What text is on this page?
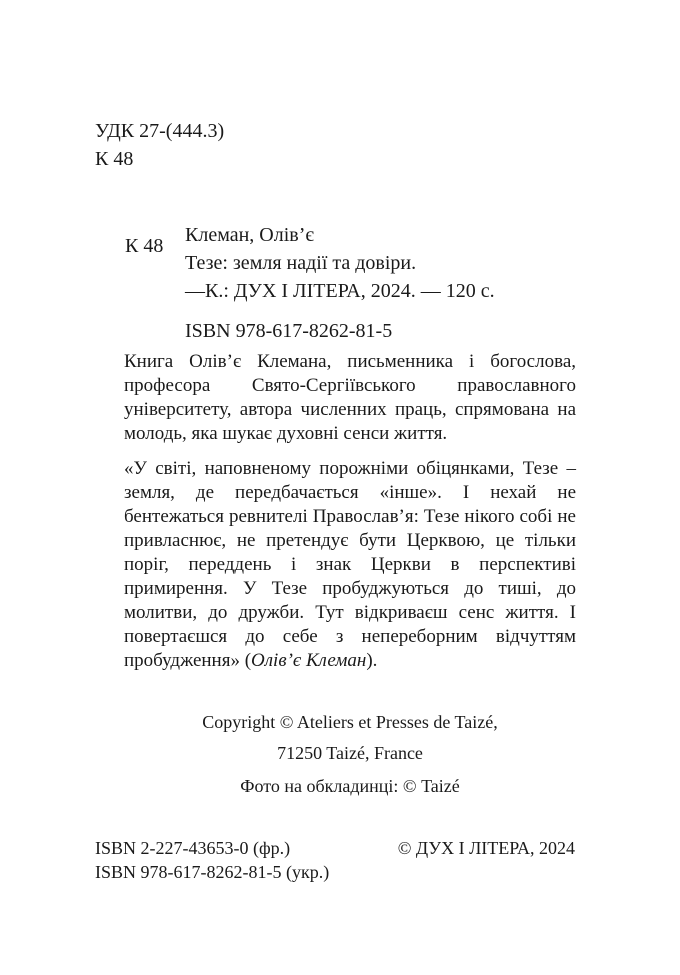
УДК 27-(444.3)
К 48
К 48 Клеман, Олів’є
Тезе: земля надії та довіри.
—К.: ДУХ І ЛІТЕРА, 2024. — 120 с.
ISBN 978-617-8262-81-5
Книга Олів’є Клемана, письменника і богослова, професора Свято-Сергіївського православного університету, автора численних праць, спрямована на молодь, яка шукає духовні сенси життя.
«У світі, наповненому порожніми обіцянками, Тезе – земля, де передбачається «інше». І нехай не бентежаться ревнителі Православ’я: Тезе нікого собі не привласнює, не претендує бути Церквою, це тільки поріг, переддень і знак Церкви в перспективі примирення. У Тезе пробуджуються до тиші, до молитви, до дружби. Тут відкриваєш сенс життя. І повертаєшся до себе з непереборним відчуттям пробудження» (Олів’є Клеман).
Copyright © Ateliers et Presses de Taizé,
71250 Taizé, France
Фото на обкладинці: © Taizé
ISBN 2-227-43653-0 (фр.)
ISBN 978-617-8262-81-5 (укр.)
© ДУХ І ЛІТЕРА, 2024
